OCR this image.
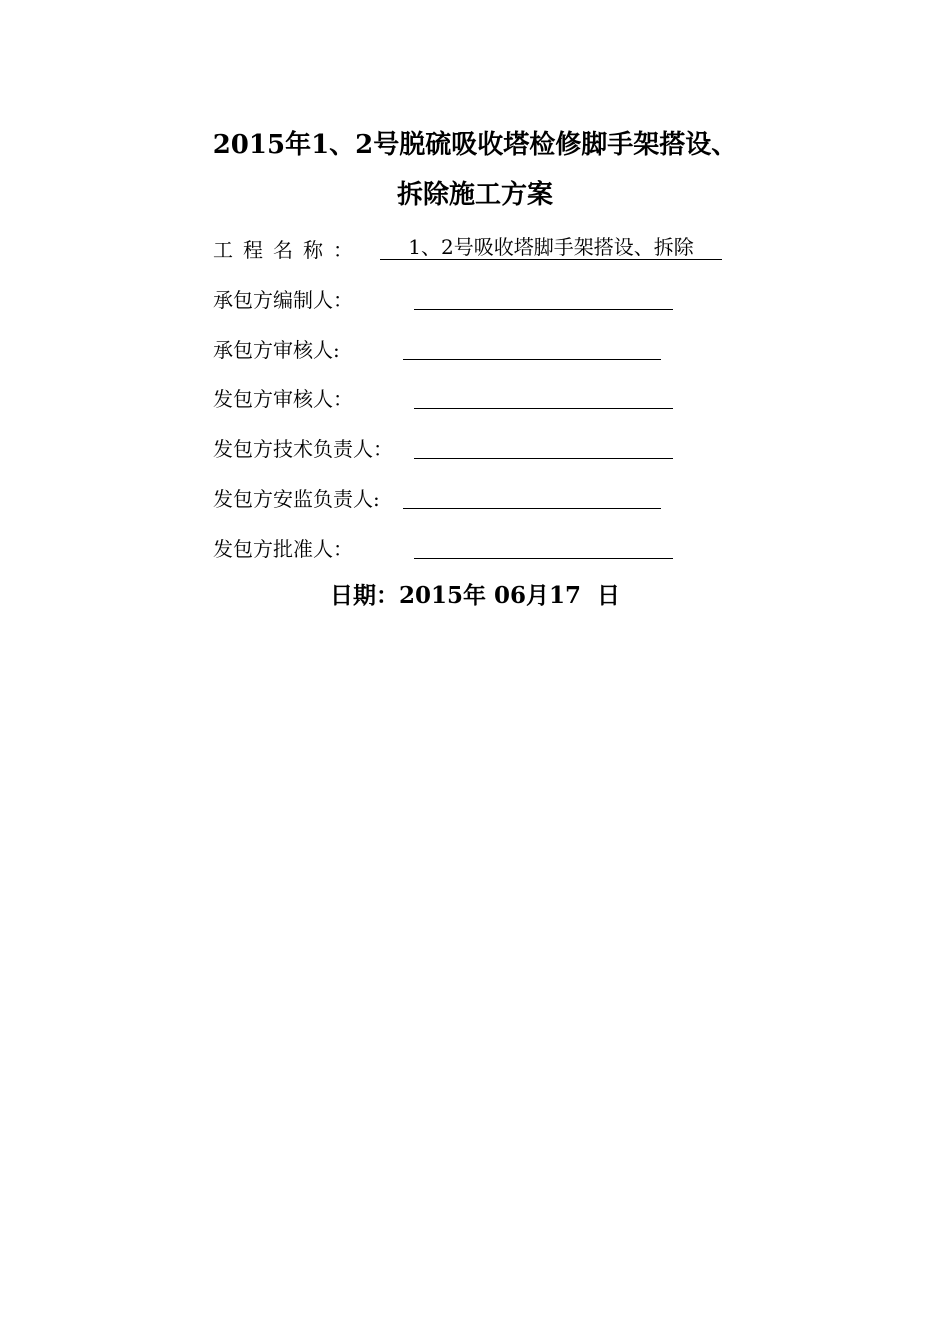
2015年1、2号脱硫吸收塔检修脚手架搭设、
拆除施工方案
工程名称：	1、2号吸收塔脚手架搭设、拆除
承包方编制人：
承包方审核人:
发包方审核人：
发包方技术负责人：
发包方安监负责人:
发包方批准人：
日期：2015年 06月17  日
